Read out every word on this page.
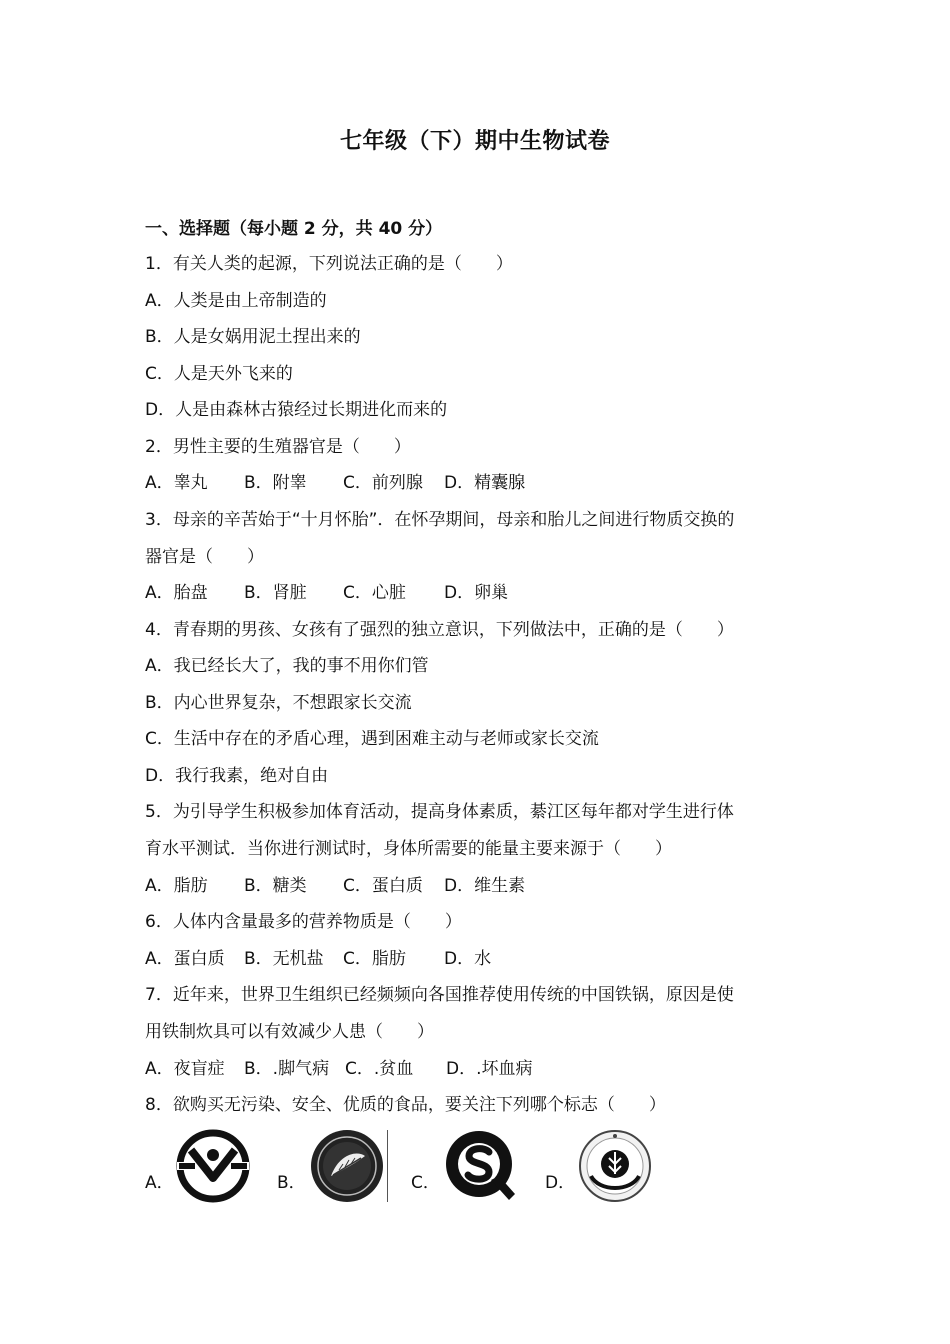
七年级（下）期中生物试卷
一、选择题（每小题 2 分，共 40 分）
1．有关人类的起源，下列说法正确的是（　　）
A．人类是由上帝制造的
B．人是女娲用泥土捏出来的
C．人是天外飞来的
D．人是由森林古猿经过长期进化而来的
2．男性主要的生殖器官是（　　）
A．睾丸 B．附睾 C．前列腺 D．精囊腺
3．母亲的辛苦始于“十月怀胎”．在怀孕期间，母亲和胎儿之间进行物质交换的
器官是（　　）
A．胎盘 B．肾脏 C．心脏 D．卵巢
4．青春期的男孩、女孩有了强烈的独立意识，下列做法中，正确的是（　　）
A．我已经长大了，我的事不用你们管
B．内心世界复杂，不想跟家长交流
C．生活中存在的矛盾心理，遇到困难主动与老师或家长交流
D．我行我素，绝对自由
5．为引导学生积极参加体育活动，提高身体素质，綦江区每年都对学生进行体
育水平测试．当你进行测试时，身体所需要的能量主要来源于（　　）
A．脂肪 B．糖类 C．蛋白质 D．维生素
6．人体内含量最多的营养物质是（　　）
A．蛋白质 B．无机盐 C．脂肪 D．水
7．近年来，世界卫生组织已经频频向各国推荐使用传统的中国铁锅，原因是使
用铁制炊具可以有效减少人患（　　）
A．夜盲症 B．.脚气病 C．.贫血 D．.坏血病
8．欲购买无污染、安全、优质的食品，要关注下列哪个标志（　　）
A．	B．	C．	D．
